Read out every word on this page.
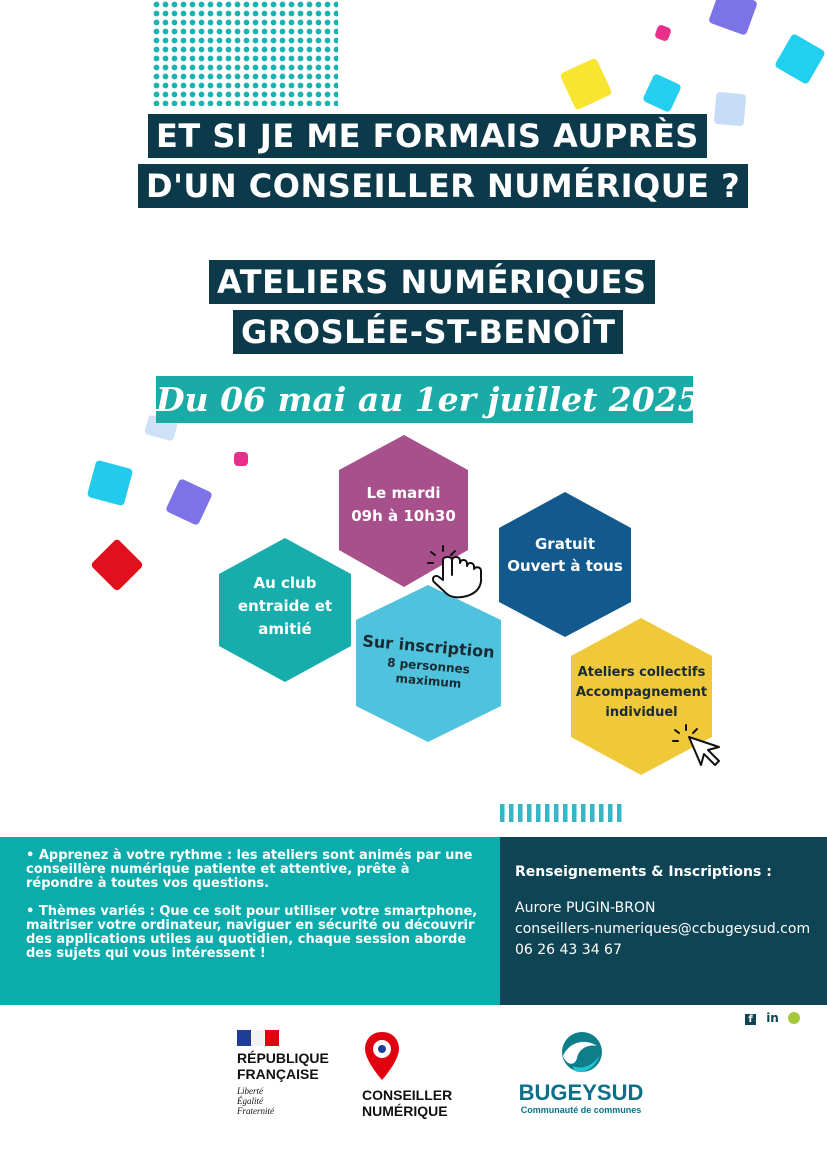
ET SI JE ME FORMAIS AUPRÈS
D'UN CONSEILLER NUMÉRIQUE ?
ATELIERS NUMÉRIQUES
GROSLÉE-ST-BENOÎT
Du 06 mai au 1er juillet 2025
Le mardi
09h à 10h30
Gratuit
Ouvert à tous
Au club
entraide et
amitié
Sur inscription
8 personnes
maximum	Ateliers collectifs
Accompagnement
individuel

• Apprenez à votre rythme : les ateliers sont animés par une conseillère numérique patiente et attentive, prête à répondre à toutes vos questions.

• Thèmes variés : Que ce soit pour utiliser votre smartphone, maitriser votre ordinateur, naviguer en sécurité ou découvrir des applications utiles au quotidien, chaque session aborde des sujets qui vous intéressent !

Renseignements & Inscriptions :
Aurore PUGIN-BRON
conseillers-numeriques@ccbugeysud.com
06 26 43 34 67
f in
RÉPUBLIQUE
FRANÇAISE
Liberté
Égalité
Fraternité
CONSEILLER
NUMÉRIQUE
BUGEYSUD
Communauté de communes
